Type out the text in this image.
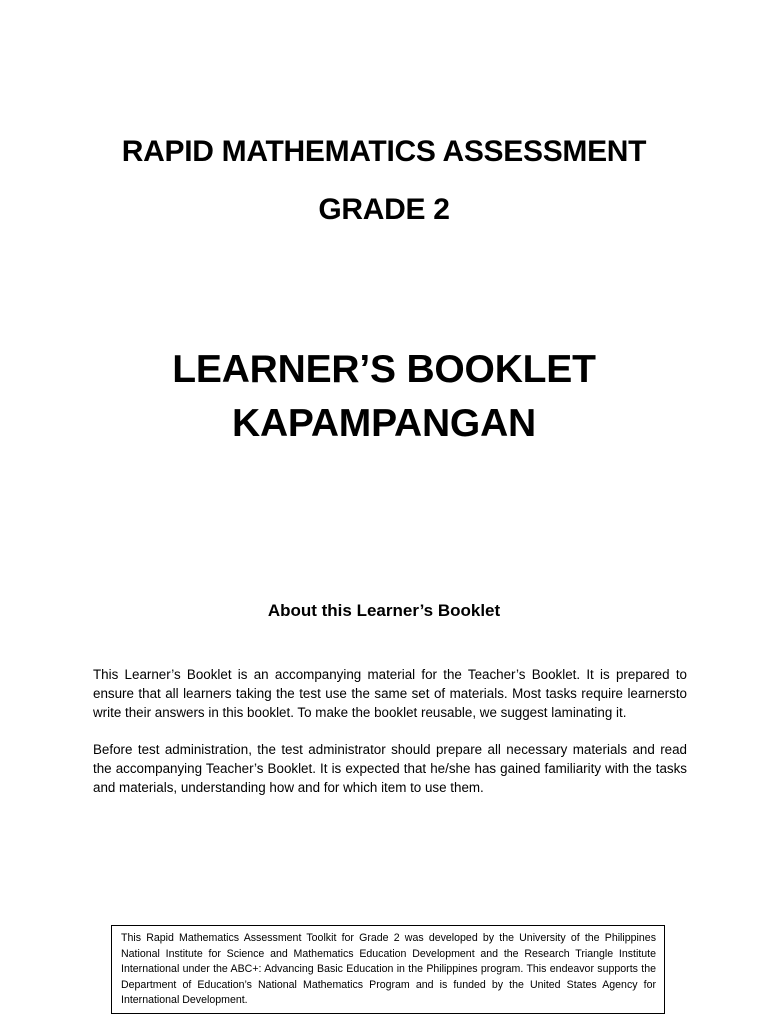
RAPID MATHEMATICS ASSESSMENT
GRADE 2
LEARNER’S BOOKLET
KAPAMPANGAN
About this Learner’s Booklet

This Learner’s Booklet is an accompanying material for the Teacher’s Booklet. It is prepared to ensure that all learners taking the test use the same set of materials. Most tasks require learnersto write their answers in this booklet. To make the booklet reusable, we suggest laminating it.

Before test administration, the test administrator should prepare all necessary materials and read the accompanying Teacher’s Booklet. It is expected that he/she has gained familiarity with the tasks and materials, understanding how and for which item to use them.

This Rapid Mathematics Assessment Toolkit for Grade 2 was developed by the University of the Philippines National Institute for Science and Mathematics Education Development and the Research Triangle Institute International under the ABC+: Advancing Basic Education in the Philippines program. This endeavor supports the Department of Education’s National Mathematics Program and is funded by the United States Agency for International Development.
